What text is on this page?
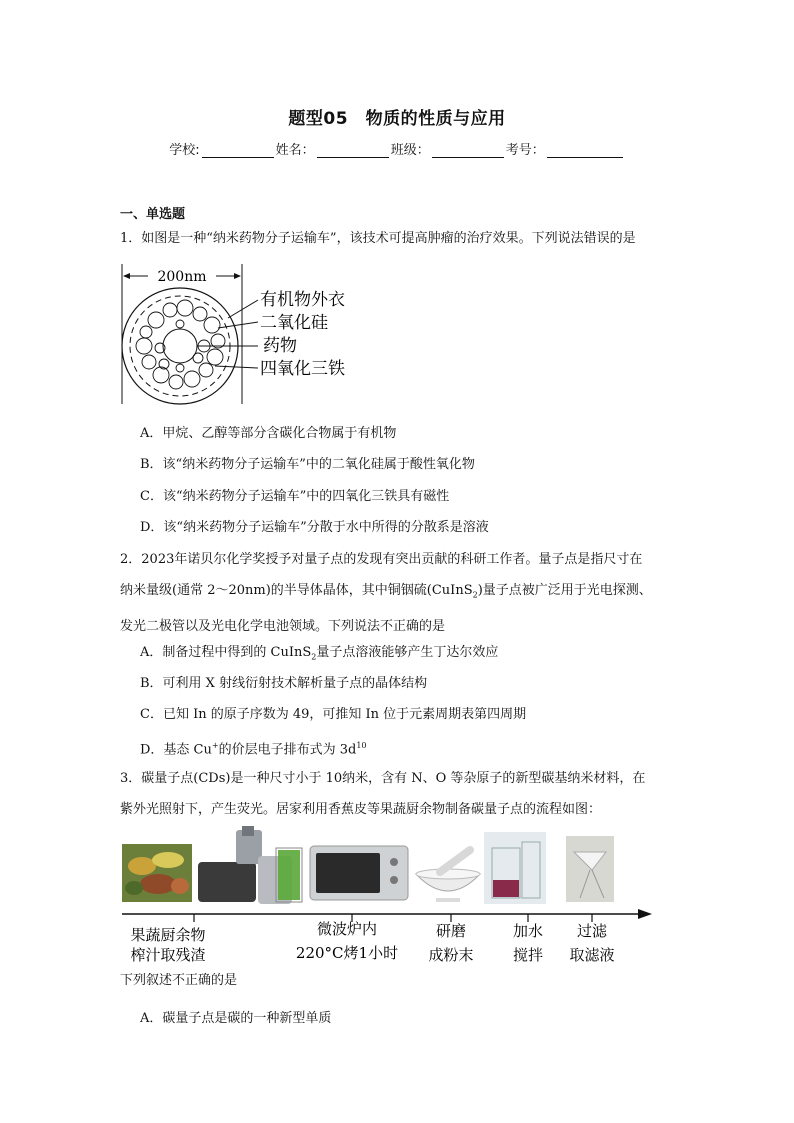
题型05　物质的性质与应用
学校:	姓名：	班级：	考号：
一、单选题
1．如图是一种“纳米药物分子运输车”，该技术可提高肿瘤的治疗效果。下列说法错误的是
200nm
有机物外衣
二氧化硅
药物
四氧化三铁
A．甲烷、乙醇等部分含碳化合物属于有机物
B．该“纳米药物分子运输车”中的二氧化硅属于酸性氧化物
C．该“纳米药物分子运输车”中的四氧化三铁具有磁性
D．该“纳米药物分子运输车”分散于水中所得的分散系是溶液
2．2023年诺贝尔化学奖授予对量子点的发现有突出贡献的科研工作者。量子点是指尺寸在
纳米量级(通常 2～20nm)的半导体晶体，其中铜铟硫(CuInS$_2$)量子点被广泛用于光电探测、
发光二极管以及光电化学电池领域。下列说法不正确的是
A．制备过程中得到的 CuInS$_2$量子点溶液能够产生丁达尔效应
B．可利用 X 射线衍射技术解析量子点的晶体结构
C．已知 In 的原子序数为 49，可推知 In 位于元素周期表第四周期
D．基态 Cu+的价层电子排布式为 $3d^{10}$
3．碳量子点(CDs)是一种尺寸小于 10纳米，含有 N、O 等杂原子的新型碳基纳米材料，在
紫外光照射下，产生荧光。居家利用香蕉皮等果蔬厨余物制备碳量子点的流程如图：
果蔬厨余物
榨汁取残渣
微波炉内
220°C烤1小时
研磨
成粉末
加水
搅拌
过滤
取滤液
下列叙述不正确的是
A．碳量子点是碳的一种新型单质
